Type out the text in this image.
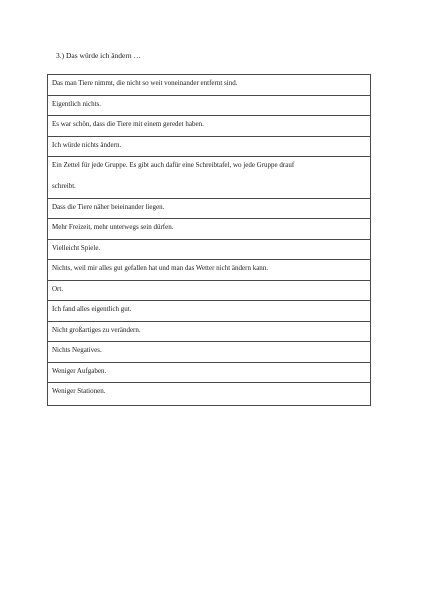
3.) Das würde ich ändern …
Das man Tiere nimmt, die nicht so weit voneinander entfernt sind.
Eigentlich nichts.
Es war schön, dass die Tiere mit einem geredet haben.
Ich würde nichts ändern.
Ein Zettel für jede Gruppe. Es gibt auch dafür eine Schreibtafel, wo jede Gruppe drauf
schreibt.
Dass die Tiere näher beieinander liegen.
Mehr Freizeit, mehr unterwegs sein dürfen.
Vielleicht Spiele.
Nichts, weil mir alles gut gefallen hat und man das Wetter nicht ändern kann.
Ort.
Ich fand alles eigentlich gut.
Nicht großartiges zu verändern.
Nichts Negatives.
Weniger Aufgaben.
Weniger Stationen.
